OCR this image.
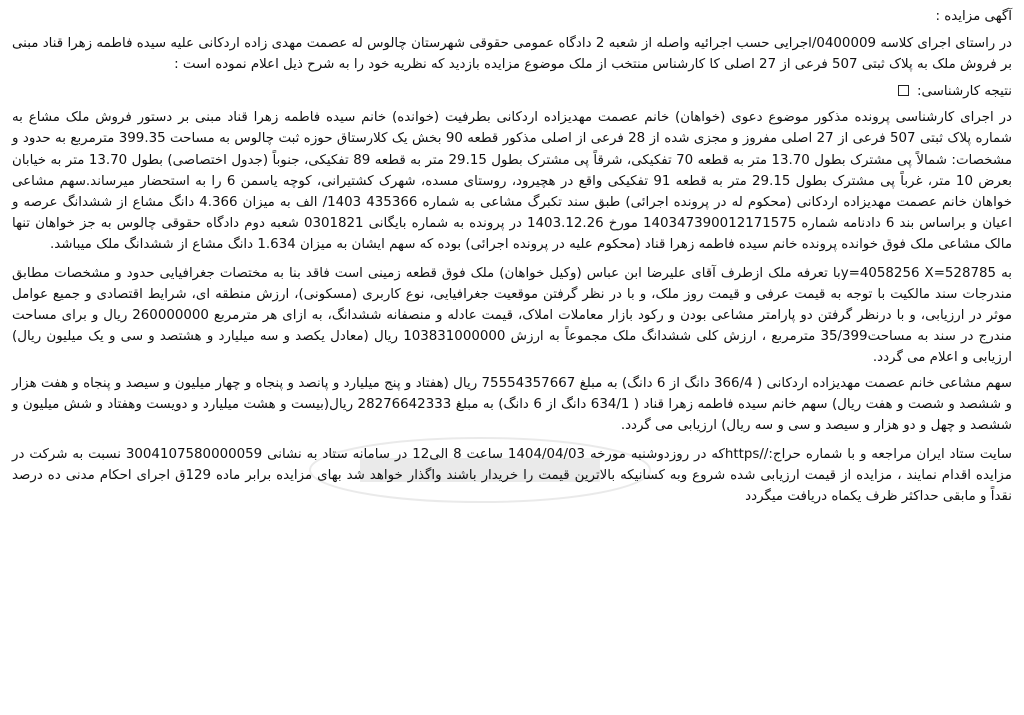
آگهی مزایده :

در راستای اجرای کلاسه 0400009/اجرایی حسب اجرائیه واصله از شعبه 2 دادگاه عمومی حقوقی شهرستان چالوس له عصمت مهدی زاده اردکانی علیه سیده فاطمه زهرا قناد مبنی بر فروش ملک به پلاک ثبتی 507 فرعی از 27 اصلی کا کارشناس منتخب از ملک موضوع مزایده بازدید که نظریه خود را به شرح ذیل اعلام نموده است :

نتیجه کارشناسی:

در اجرای کارشناسی پرونده مذکور موضوع دعوی (خواهان) خانم عصمت مهدیزاده اردکانی بطرفیت (خوانده) خانم سیده فاطمه زهرا قناد مبنی بر دستور فروش ملک مشاع به شماره پلاک ثبتی 507 فرعی از 27 اصلی مفروز و مجزی شده از 28 فرعی از اصلی مذکور قطعه 90 بخش یک کلارستاق حوزه ثبت چالوس به مساحت 399.35 مترمربع به حدود و مشخصات: شمالاً پی مشترک بطول 13.70 متر به قطعه 70 تفکیکی، شرقاً پی مشترک بطول 29.15 متر به قطعه 89 تفکیکی، جنوباً (جدول اختصاصی) بطول 13.70 متر به خیابان بعرض 10 متر، غرباً پی مشترک بطول 29.15 متر به قطعه 91 تفکیکی واقع در هچیرود، روستای مسده، شهرک کشتیرانی، کوچه یاسمن 6 را به استحضار میرساند.سهم مشاعی خواهان خانم عصمت مهدیزاده اردکانی (محکوم له در پرونده اجرائی) طبق سند تکبرگ مشاعی به شماره 435366 1403/ الف به میزان 4.366 دانگ مشاع از ششدانگ عرصه و اعیان و براساس بند 6 دادنامه شماره 140347390012171575 مورخ 1403.12.26 در پرونده به شماره بایگانی 0301821 شعبه دوم دادگاه حقوقی چالوس به جز خواهان تنها مالک مشاعی ملک فوق خوانده پرونده خانم سیده فاطمه زهرا قناد (محکوم علیه در پرونده اجرائی) بوده که سهم ایشان به میزان 1.634 دانگ مشاع از ششدانگ ملک میباشد.

به y=4058256 X=528785با تعرفه ملک ازطرف آقای علیرضا ابن عباس (وکیل خواهان) ملک فوق قطعه زمینی است فاقد بنا به مختصات جغرافیایی حدود و مشخصات مطابق مندرجات سند مالکیت با توجه به قیمت عرفی و قیمت روز ملک، و با در نظر گرفتن موقعیت جغرافیایی، نوع کاربری (مسکونی)، ارزش منطقه ای، شرایط اقتصادی و جمیع عوامل موثر در ارزیابی، و با درنظر گرفتن دو پارامتر مشاعی بودن و رکود بازار معاملات املاک، قیمت عادله و منصفانه ششدانگ، به ازای هر مترمربع 260000000 ریال و برای مساحت مندرج در سند به مساحت35/399 مترمربع ، ارزش کلی ششدانگ ملک مجموعاً به ارزش 103831000000 ریال (معادل یکصد و سه میلیارد و هشتصد و سی و یک میلیون ریال) ارزیابی و اعلام می گردد.

سهم مشاعی خانم عصمت مهدیزاده اردکانی ( 366/4 دانگ از 6 دانگ) به مبلغ 75554357667 ریال (هفتاد و پنج میلیارد و پانصد و پنجاه و چهار میلیون و سیصد و پنجاه و هفت هزار و ششصد و شصت و هفت ریال) سهم خانم سیده فاطمه زهرا قناد ( 634/1 دانگ از 6 دانگ) به مبلغ 28276642333 ریال(بیست و هشت میلیارد و دویست وهفتاد و شش میلیون و ششصد و چهل و دو هزار و سیصد و سی و سه ریال) ارزیابی می گردد.

سایت ستاد ایران مراجعه و با شماره حراج://httpsکه در روزدوشنبه مورخه 1404/04/03 ساعت 8 الی12 در سامانه ستاد به نشانی 3004107580000059 نسبت به شرکت در مزایده اقدام نمایند ، مزایده از قیمت ارزیابی شده شروع وبه کسانیکه بالاترین قیمت را خریدار باشند واگذار خواهد شد بهای مزایده برابر ماده 129ق اجرای احکام مدنی ده درصد نقداً و مابقی حداکثر ظرف یکماه دریافت میگردد
